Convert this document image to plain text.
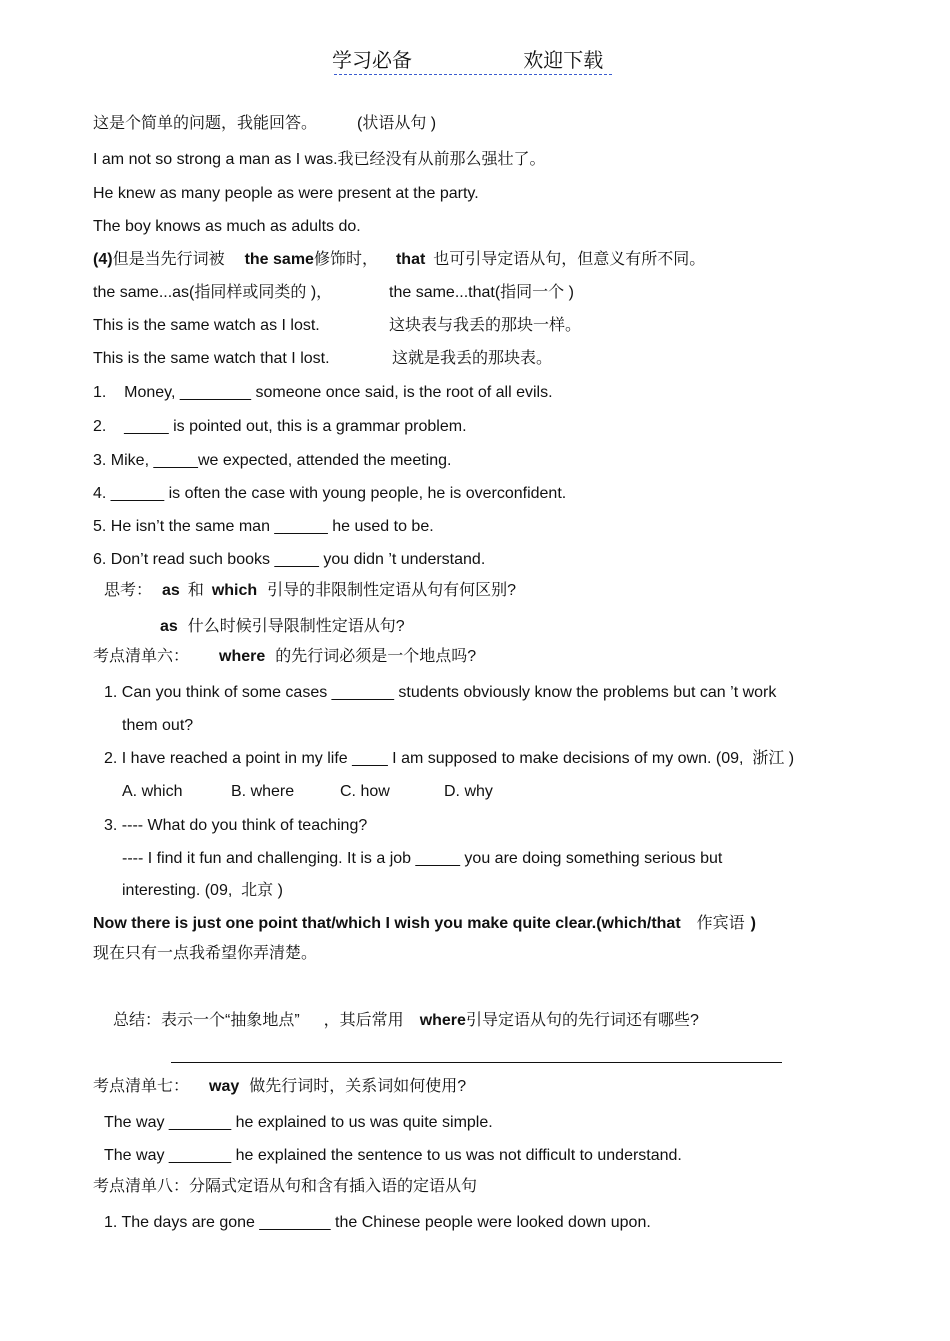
学习必备__________欢迎下载
这是个简单的问题，我能回答。	(状语从句 )
I am not so strong a man as I was.我已经没有从前那么强壮了。
He knew as many people as were present at the party.
The boy knows as much as adults do.
(4)但是当先行词被 the same修饰时， that 也可引导定语从句，但意义有所不同。
the same...as(指同样或同类的 )，	the same...that(指同一个 )
This is the same watch as I lost.	这块表与我丢的那块一样。
This is the same watch that I lost.	这就是我丢的那块表。
1.    Money, ________ someone once said, is the root of all evils.
2.    _____ is pointed out, this is a grammar problem.
3. Mike, _____we expected, attended the meeting.
4. ______ is often the case with young people, he is overconfident.
5. He isn’t the same man ______ he used to be.
6. Don’t read such books _____ you didn ’t understand.
思考： as 和 which 引导的非限制性定语从句有何区别?
as 什么时候引导限制性定语从句?
考点清单六： where 的先行词必须是一个地点吗?
1. Can you think of some cases _______ students obviously know the problems but can ’t work
them out?
2. I have reached a point in my life ____ I am supposed to make decisions of my own. (09,  浙江 )
A. which	B. where	C. how	D. why
3. ---- What do you think of teaching?
---- I find it fun and challenging. It is a job _____ you are doing something serious but
interesting. (09,  北京 )
Now there is just one point that/which I wish you make quite clear.(which/that 作宾语 )
现在只有一点我希望你弄清楚。
总结：表示一个“抽象地点” ，其后常用 where引导定语从句的先行词还有哪些?
考点清单七： way 做先行词时，关系词如何使用?
The way _______ he explained to us was quite simple.
The way _______ he explained the sentence to us was not difficult to understand.
考点清单八：分隔式定语从句和含有插入语的定语从句
1. The days are gone ________ the Chinese people were looked down upon.
